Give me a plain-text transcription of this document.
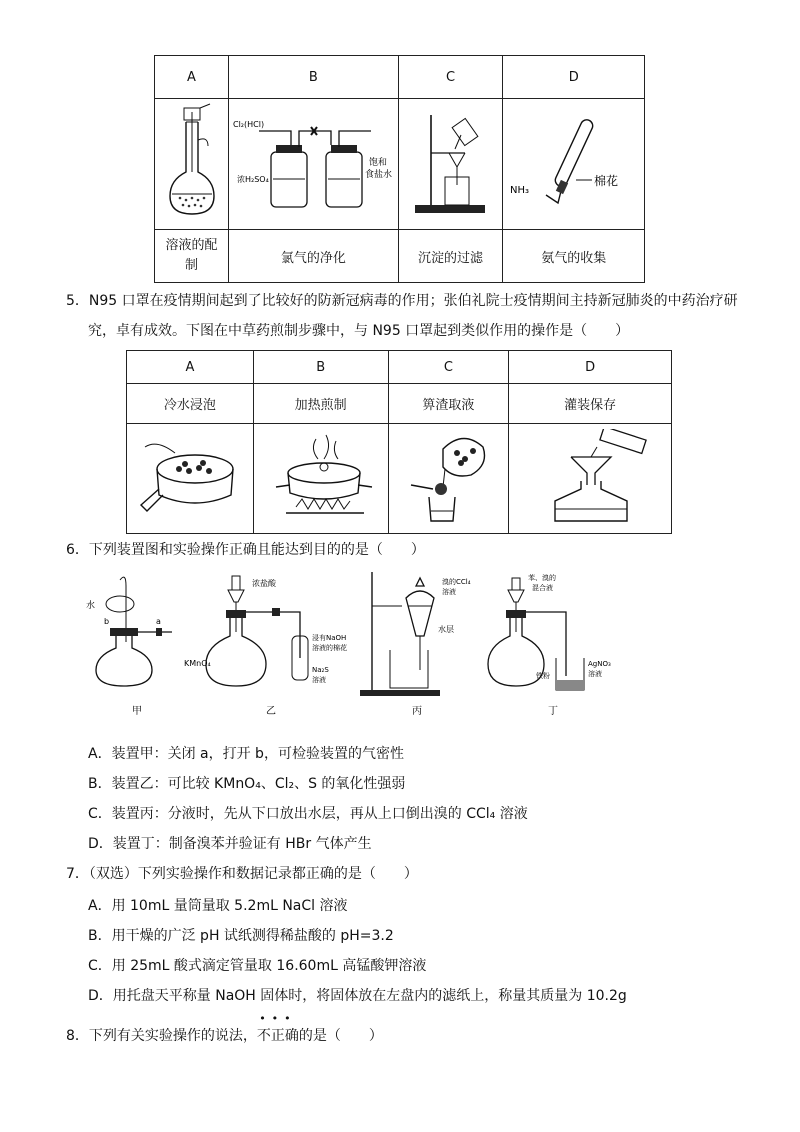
A	B	C	D

Cl₂(HCl)
浓H₂SO₄
饱和
食盐水		NH₃
棉花

溶液的配制	氯气的净化	沉淀的过滤	氨气的收集
5．N95 口罩在疫情期间起到了比较好的防新冠病毒的作用；张伯礼院士疫情期间主持新冠肺炎的中药治疗研
究，卓有成效。下图在中草药煎制步骤中，与 N95 口罩起到类似作用的操作是（　　）
A	B	C	D
冷水浸泡	加热煎制	箅渣取液	灌装保存

6．下列装置图和实验操作正确且能达到目的的是（　　）
水
b	a
甲
浓盐酸
KMnO₄
浸有NaOH
溶液的棉花
Na₂S
溶液
乙
溴的CCl₄
溶液
水层
丙
苯、溴的
混合液
铁粉
AgNO₃
溶液
丁
A．装置甲：关闭 a，打开 b，可检验装置的气密性
B．装置乙：可比较 KMnO₄、Cl₂、S 的氧化性强弱
C．装置丙：分液时，先从下口放出水层，再从上口倒出溴的 CCl₄ 溶液
D．装置丁：制备溴苯并验证有 HBr 气体产生
7．（双选）下列实验操作和数据记录都正确的是（　　）
A．用 10mL 量筒量取 5.2mL NaCl 溶液
B．用干燥的广泛 pH 试纸测得稀盐酸的 pH=3.2
C．用 25mL 酸式滴定管量取 16.60mL 高锰酸钾溶液
D．用托盘天平称量 NaOH 固体时，将固体放在左盘内的滤纸上，称量其质量为 10.2g
8．下列有关实验操作的说法，
•••
不正确的是（　　）
